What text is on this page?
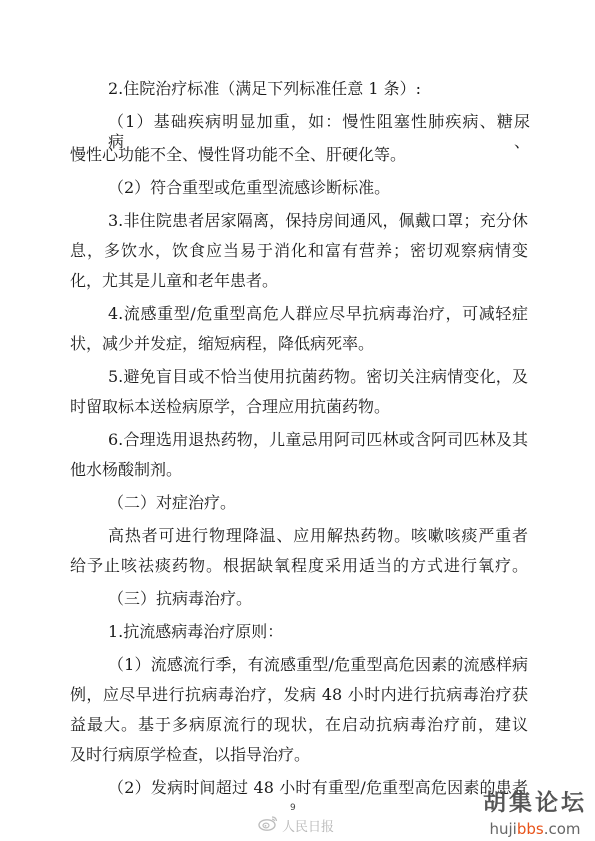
2.住院治疗标准（满足下列标准任意 1 条）:
（1）基础疾病明显加重，如：慢性阻塞性肺疾病、糖尿病、
慢性心功能不全、慢性肾功能不全、肝硬化等。
（2）符合重型或危重型流感诊断标准。
3.非住院患者居家隔离，保持房间通风，佩戴口罩；充分休
息，多饮水，饮食应当易于消化和富有营养；密切观察病情变
化，尤其是儿童和老年患者。
4.流感重型/危重型高危人群应尽早抗病毒治疗，可减轻症
状，减少并发症，缩短病程，降低病死率。
5.避免盲目或不恰当使用抗菌药物。密切关注病情变化，及
时留取标本送检病原学，合理应用抗菌药物。
6.合理选用退热药物，儿童忌用阿司匹林或含阿司匹林及其
他水杨酸制剂。
（二）对症治疗。
高热者可进行物理降温、应用解热药物。咳嗽咳痰严重者
给予止咳祛痰药物。根据缺氧程度采用适当的方式进行氧疗。
（三）抗病毒治疗。
1.抗流感病毒治疗原则：
（1）流感流行季，有流感重型/危重型高危因素的流感样病
例，应尽早进行抗病毒治疗，发病 48 小时内进行抗病毒治疗获
益最大。基于多病原流行的现状，在启动抗病毒治疗前，建议
及时行病原学检查，以指导治疗。
（2）发病时间超过 48 小时有重型/危重型高危因素的患者
9
人民日报
胡集论坛
hujibbs.com
